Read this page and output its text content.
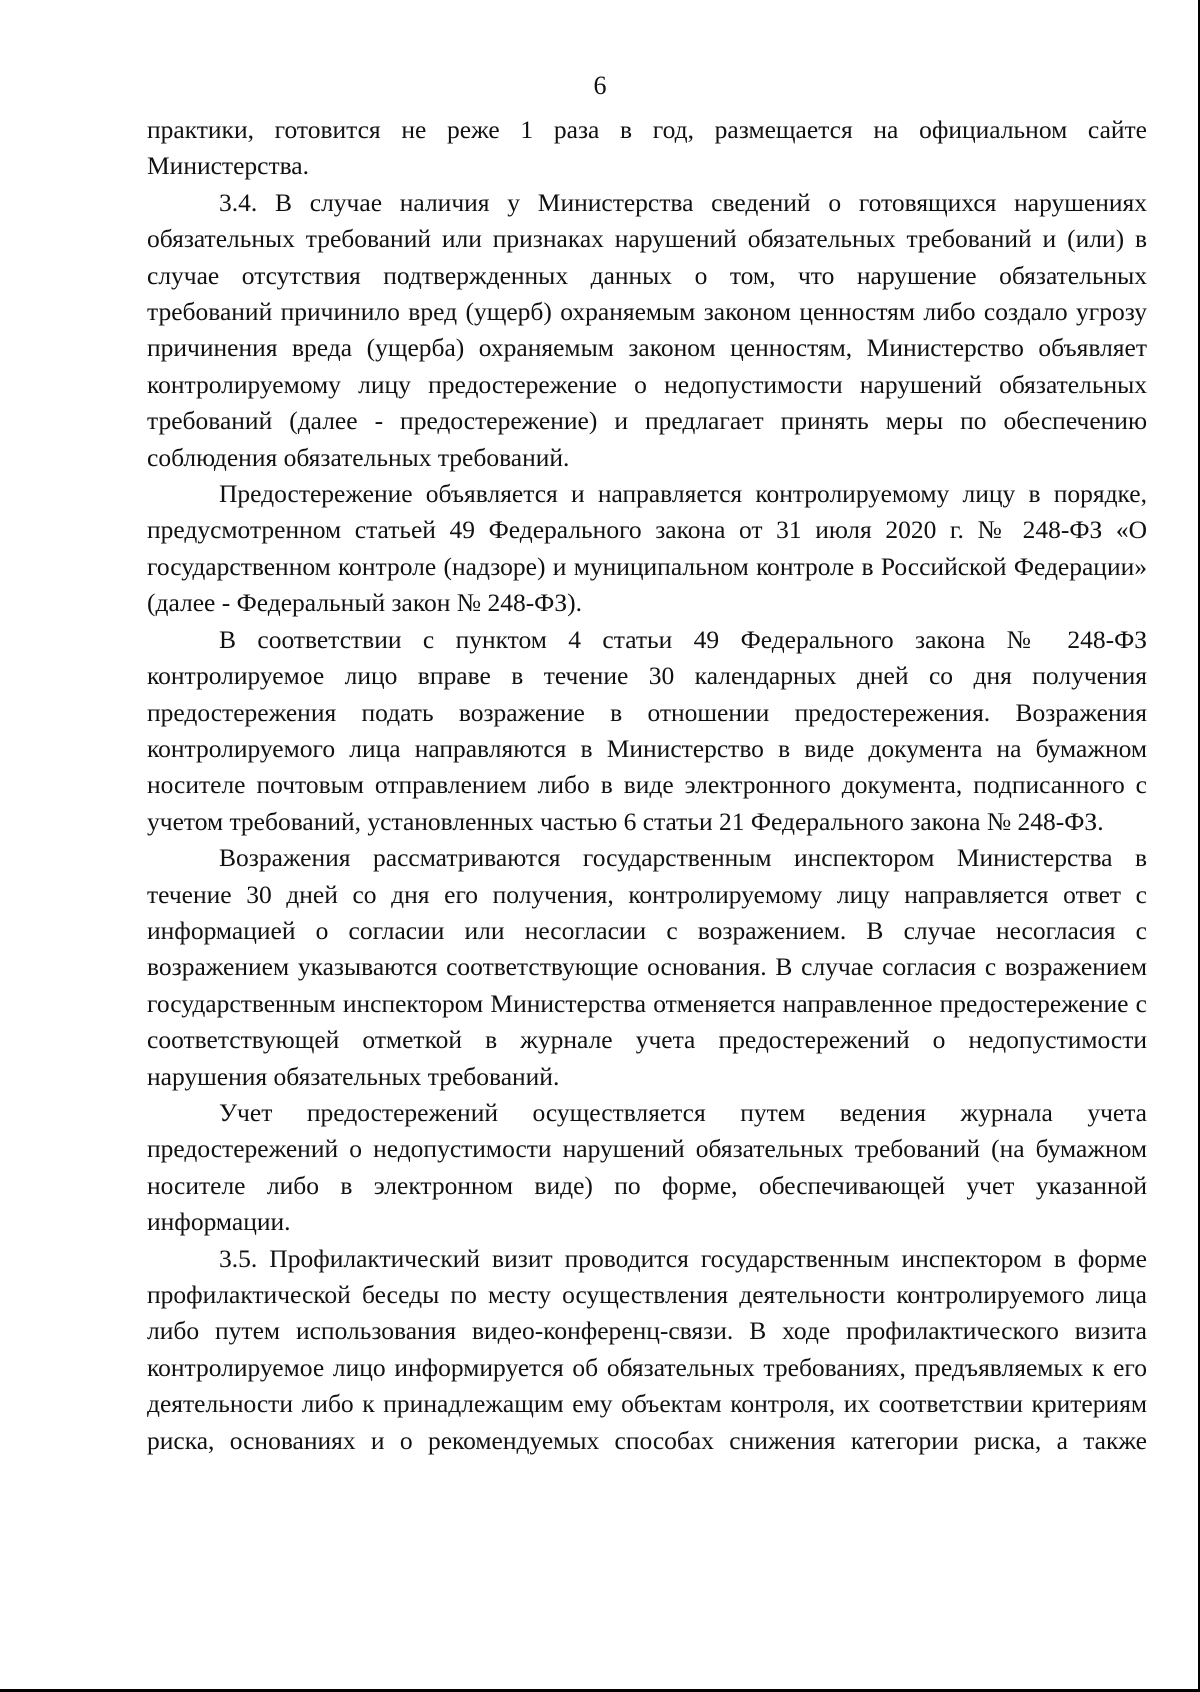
6

практики, готовится не реже 1 раза в год, размещается на официальном сайте Министерства.

3.4. В случае наличия у Министерства сведений о готовящихся нарушениях обязательных требований или признаках нарушений обязательных требований и (или) в случае отсутствия подтвержденных данных о том, что нарушение обязательных требований причинило вред (ущерб) охраняемым законом ценностям либо создало угрозу причинения вреда (ущерба) охраняемым законом ценностям, Министерство объявляет контролируемому лицу предостережение о недопустимости нарушений обязательных требований (далее - предостережение) и предлагает принять меры по обеспечению соблюдения обязательных требований.

Предостережение объявляется и направляется контролируемому лицу в порядке, предусмотренном статьей 49 Федерального закона от 31 июля 2020 г. № 248-ФЗ «О государственном контроле (надзоре) и муниципальном контроле в Российской Федерации» (далее - Федеральный закон № 248-ФЗ).

В соответствии с пунктом 4 статьи 49 Федерального закона № 248-ФЗ контролируемое лицо вправе в течение 30 календарных дней со дня получения предостережения подать возражение в отношении предостережения. Возражения контролируемого лица направляются в Министерство в виде документа на бумажном носителе почтовым отправлением либо в виде электронного документа, подписанного с учетом требований, установленных частью 6 статьи 21 Федерального закона № 248-ФЗ.

Возражения рассматриваются государственным инспектором Министерства в течение 30 дней со дня его получения, контролируемому лицу направляется ответ с информацией о согласии или несогласии с возражением. В случае несогласия с возражением указываются соответствующие основания. В случае согласия с возражением государственным инспектором Министерства отменяется направленное предостережение с соответствующей отметкой в журнале учета предостережений о недопустимости нарушения обязательных требований.

Учет предостережений осуществляется путем ведения журнала учета предостережений о недопустимости нарушений обязательных требований (на бумажном носителе либо в электронном виде) по форме, обеспечивающей учет указанной информации.

3.5. Профилактический визит проводится государственным инспектором в форме профилактической беседы по месту осуществления деятельности контролируемого лица либо путем использования видео-конференц-связи. В ходе профилактического визита контролируемое лицо информируется об обязательных требованиях, предъявляемых к его деятельности либо к принадлежащим ему объектам контроля, их соответствии критериям риска, основаниях и о рекомендуемых способах снижения категории риска, а также
